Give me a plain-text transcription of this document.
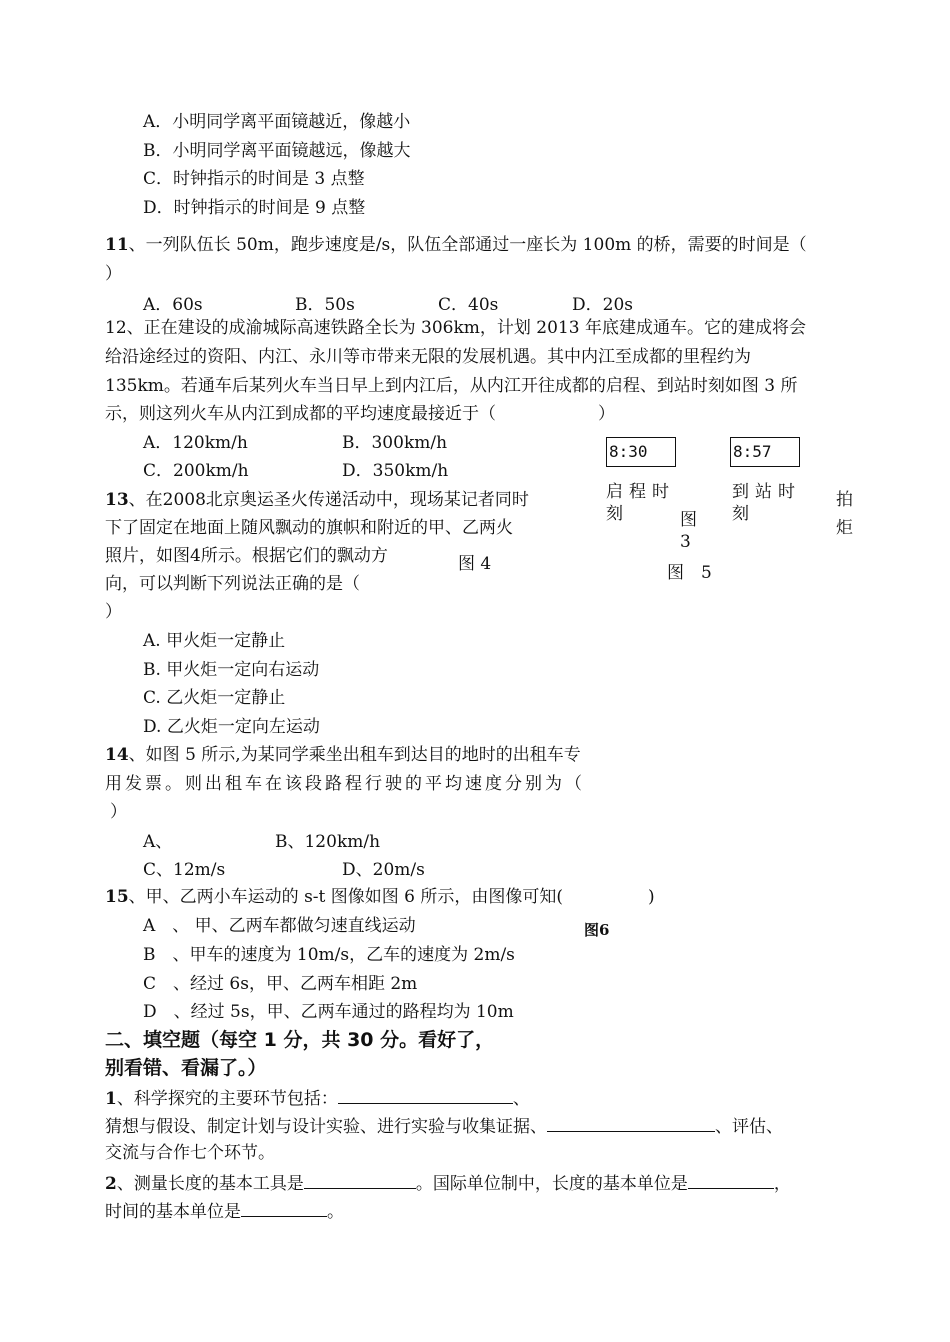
A．小明同学离平面镜越近，像越小
B．小明同学离平面镜越远，像越大
C．时钟指示的时间是 3 点整
D．时钟指示的时间是 9 点整
11、一列队伍长 50m，跑步速度是/s，队伍全部通过一座长为 100m 的桥，需要的时间是（
）
A．60s	B．50s	C．40s	D．20s
12、正在建设的成渝城际高速铁路全长为 306km，计划 2013 年底建成通车。它的建成将会
给沿途经过的资阳、内江、永川等市带来无限的发展机遇。其中内江至成都的里程约为
135km。若通车后某列火车当日早上到内江后，从内江开往成都的启程、到站时刻如图 3 所
示，则这列火车从内江到成都的平均速度最接近于（　　　　　　）
A．120km/h	B．300km/h
C．200km/h	D．350km/h
8:30	8:57
启程时
刻
到站时
刻
图
3
图　5
13、在2008北京奥运圣火传递活动中，现场某记者同时
下了固定在地面上随风飘动的旗帜和附近的甲、乙两火
照片，如图4所示。根据它们的飘动方
向，可以判断下列说法正确的是（
）
图 4
拍
炬
A. 甲火炬一定静止
B. 甲火炬一定向右运动
C. 乙火炬一定静止
D. 乙火炬一定向左运动
14、如图 5 所示,为某同学乘坐出租车到达目的地时的出租车专
用发票。则出租车在该段路程行驶的平均速度分别为（
）
A、	B、120km/h
C、12m/s	D、20m/s
15、甲、乙两小车运动的 s-t 图像如图 6 所示，由图像可知(　　　　　)
图6
A　、 甲、乙两车都做匀速直线运动
B　、甲车的速度为 10m/s，乙车的速度为 2m/s
C　、经过 6s，甲、乙两车相距 2m
D　、经过 5s，甲、乙两车通过的路程均为 10m
二、填空题（每空 1 分，共 30 分。看好了，
别看错、看漏了。）
1、科学探究的主要环节包括：	、
猜想与假设、制定计划与设计实验、进行实验与收集证据、	、评估、
交流与合作七个环节。
2、测量长度的基本工具是	。国际单位制中，长度的基本单位是	，
时间的基本单位是	。
